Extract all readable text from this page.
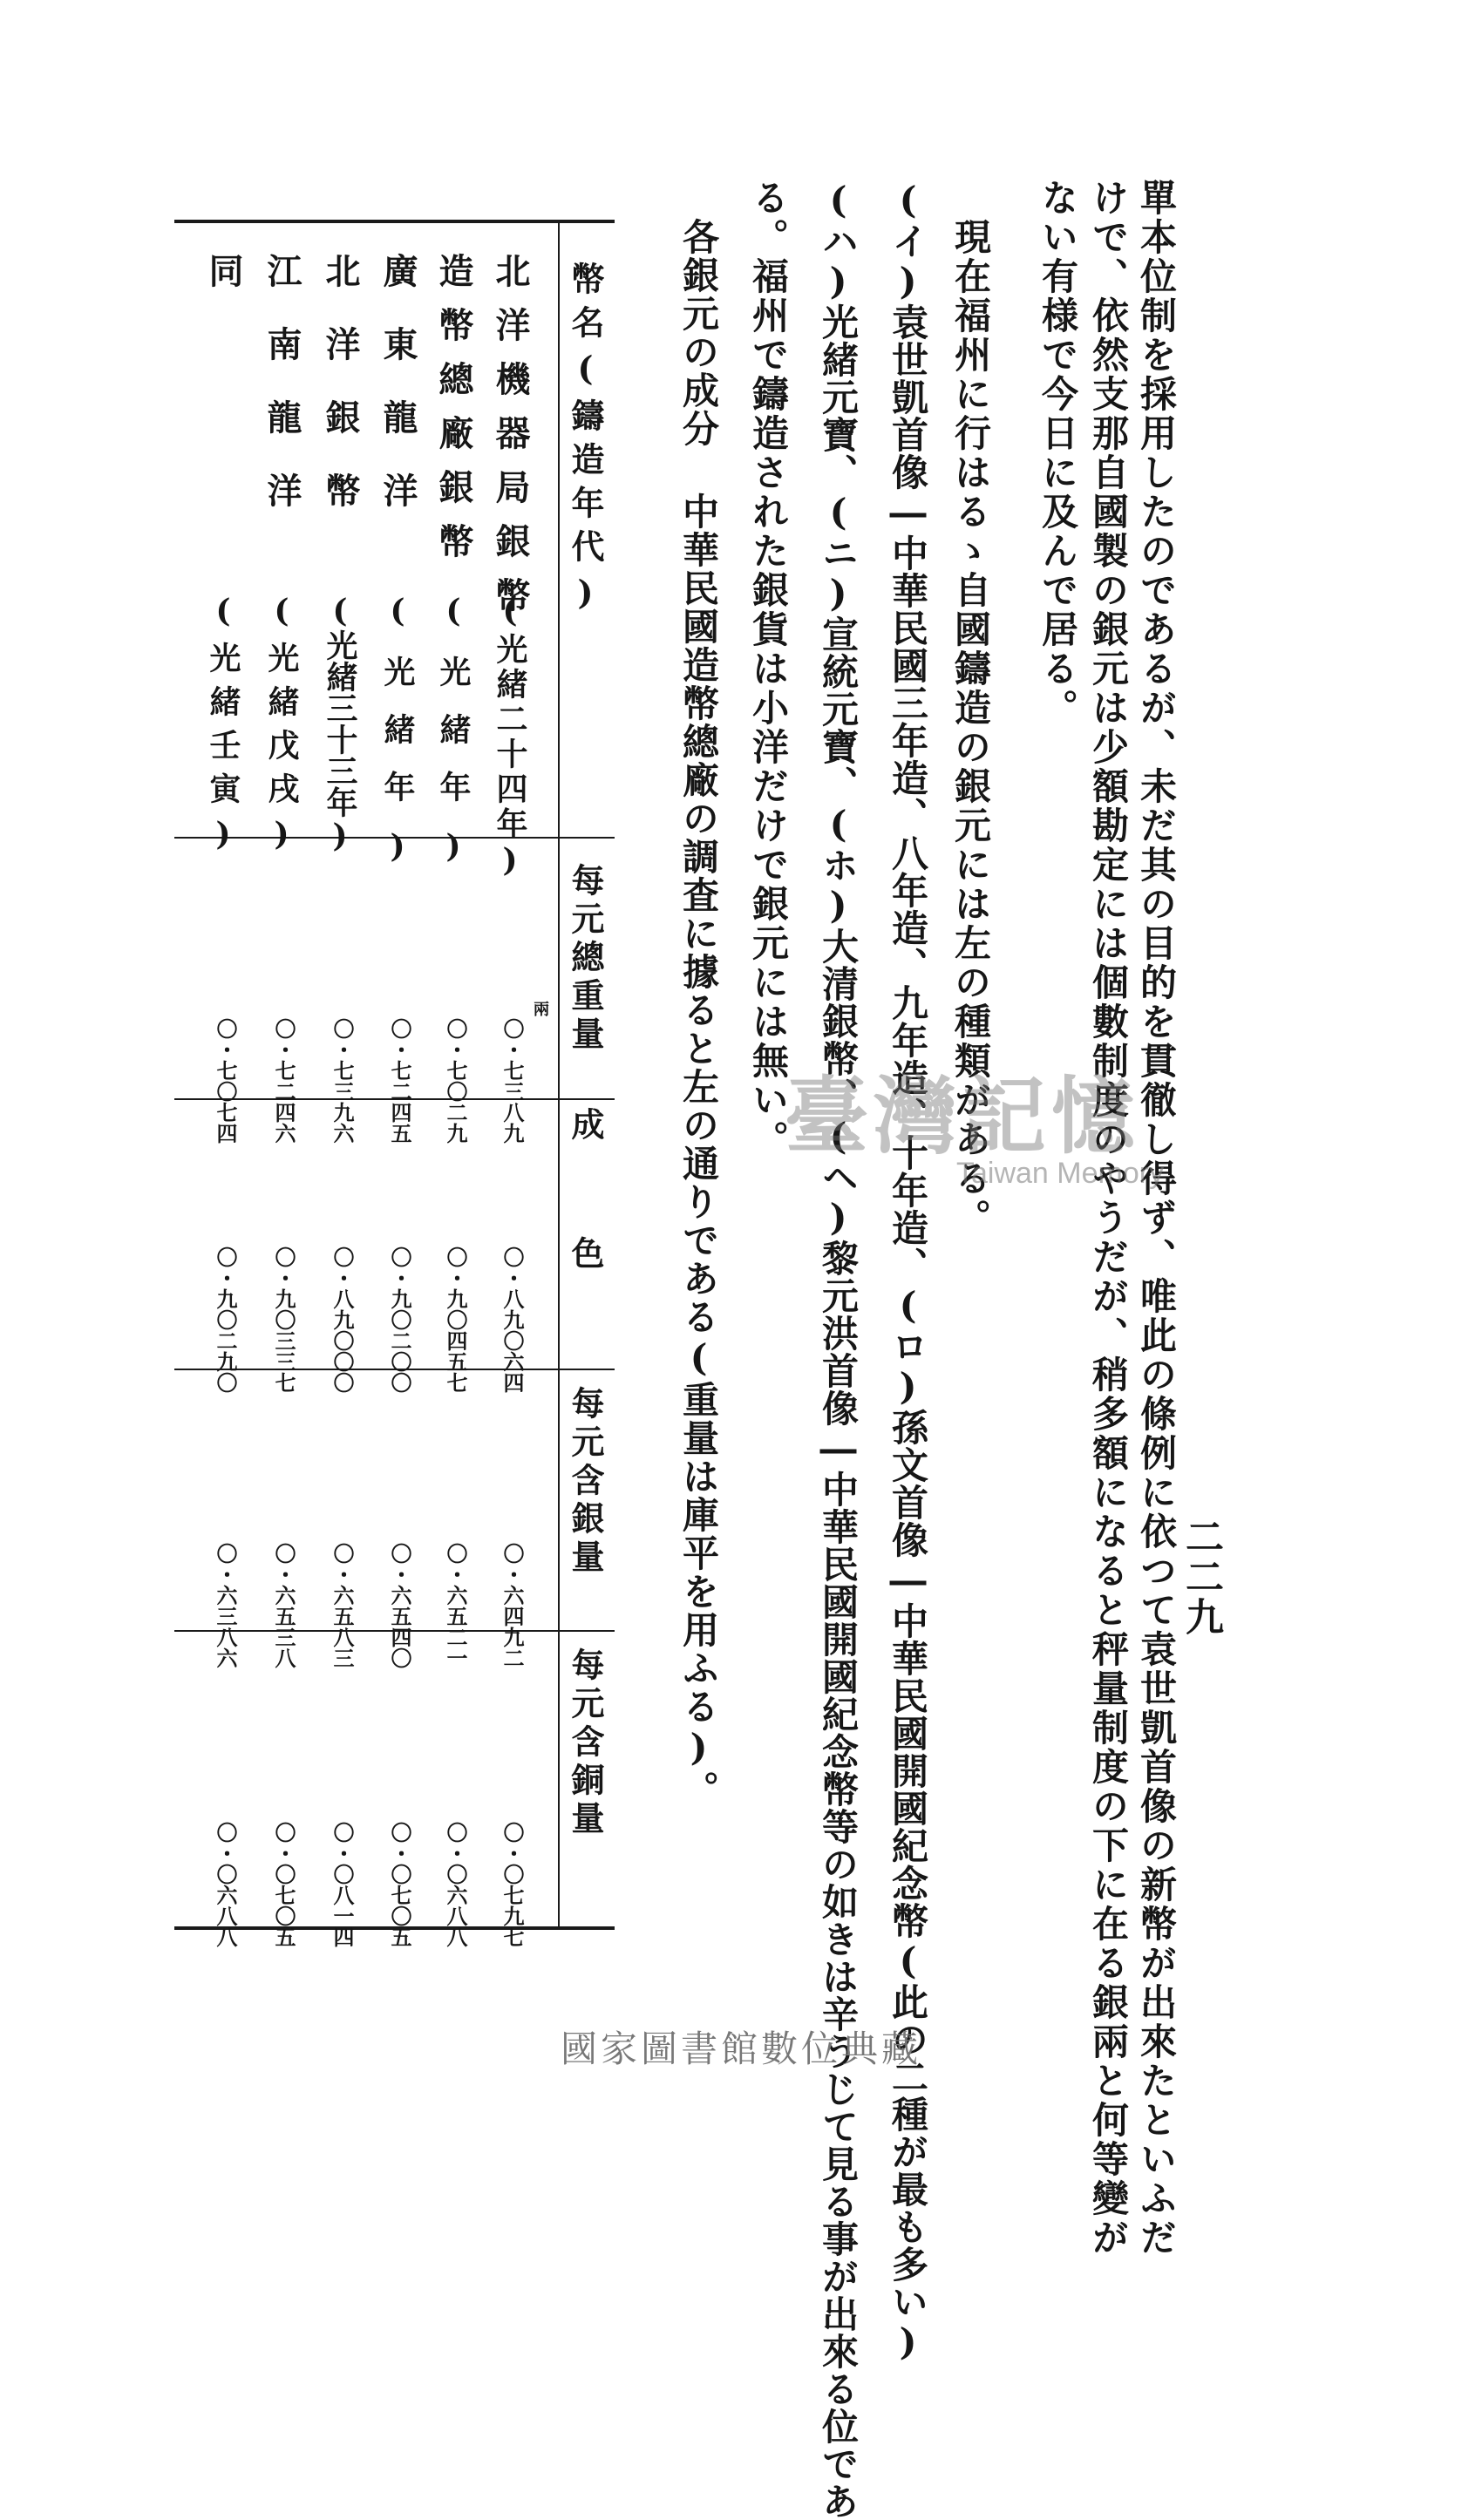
二二九
單本位制を採用したのであるが、未だ其の目的を貫徹し得ず、唯此の條例に依つて袁世凱首像の新幣が出來たといふだ
けで、依然支那自國製の銀元は少額勘定には個數制度のやうだが、稍多額になると秤量制度の下に在る銀兩と何等變が
ない有様で今日に及んで居る。
現在福州に行はるゝ自國鑄造の銀元には左の種類がある。
(イ)袁世凱首像―中華民國三年造、八年造、九年造、十年造、(ロ)孫文首像―中華民國開國紀念幣(此の二種が最も多い)
(ハ)光緒元寶、(ニ)宣統元寶、(ホ)大清銀幣、(ヘ)黎元洪首像―中華民國開國紀念幣等の如きは辛うじて見る事が出來る位であ
る。福州で鑄造された銀貨は小洋だけで銀元には無い。
各銀元の成分 中華民國造幣總廠の調査に據ると左の通りである(重量は庫平を用ふる)。
幣名(鑄造年代)
每元總重量
成色
每元含銀量
每元含銅量
兩
北洋機器局銀幣
(光緒二十四年)
〇・七三八九
〇・八九〇六四
〇・六四九二
〇・〇七九七
造幣總廠銀幣
(光緒年)
〇・七〇二九
〇・九〇四五七
〇・六五二一
〇・〇六八八
廣東龍洋
(光緒年)
〇・七二四五
〇・九〇二〇〇
〇・六五四〇
〇・〇七〇五
北洋銀幣
(光緒三十三年)
〇・七三九六
〇・八九〇〇〇
〇・六五八三
〇・〇八一四
江南龍洋
(光緒戊戌)
〇・七二四六
〇・九〇三三七
〇・六五三八
〇・〇七〇五
同
(光緒壬寅)
〇・七〇七四
〇・九〇二九〇
〇・六三八六
〇・〇六八八
臺灣記憶
Taiwan Memory
國家圖書館數位典藏
